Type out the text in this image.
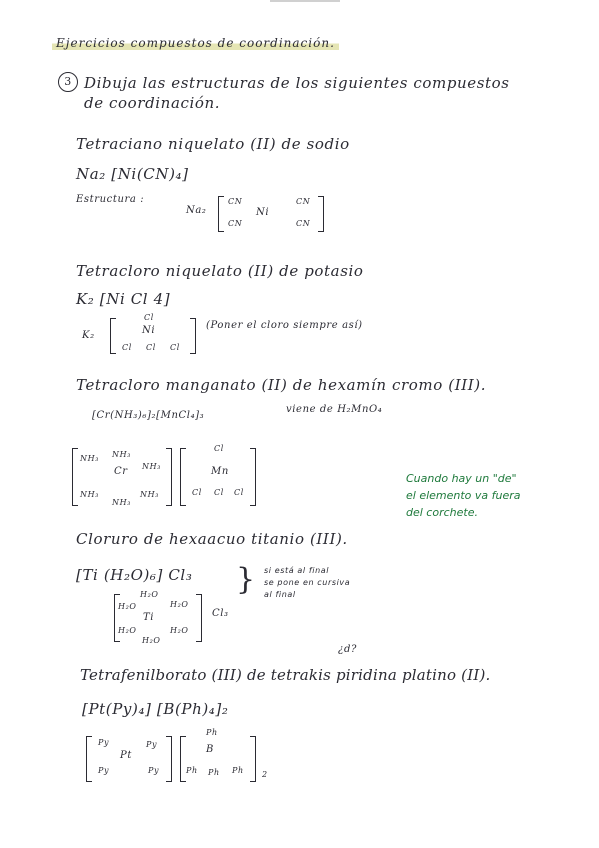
Ejercicios compuestos de coordinación.
3 Dibuja las estructuras de los siguientes compuestos
de coordinación.
Tetraciano niquelato (II) de sodio
Na₂ [Ni(CN)₄]
Estructura :
Na₂
CN
CN
Ni
CN
CN
Tetracloro niquelato (II) de potasio
K₂ [Ni Cl 4]
K₂
Cl
Ni
Cl Cl Cl
(Poner el cloro siempre así)
Tetracloro manganato (II) de hexamín cromo (III).
[Cr(NH₃)₆]₂[MnCl₄]₃
viene de H₂MnO₄
NH₃ NH₃
NH₃
Cr
NH₃
NH₃
NH₃
Cl
Mn
Cl Cl Cl
Cuando hay un "de"
el elemento va fuera
del corchete.
Cloruro de hexaacuo titanio (III).
[Ti (H₂O)₆] Cl₃
H₂O
H₂O	H₂O
Ti
H₂O	H₂O
H₂O
Cl₃
} si está al final
se pone en cursiva
al final
¿d?
Tetrafenilborato (III) de tetrakis piridina platino (II).
[Pt(Py)₄] [B(Ph)₄]₂
Py
Py
Pt
Py
Py
Ph
B
Ph Ph Ph 2
